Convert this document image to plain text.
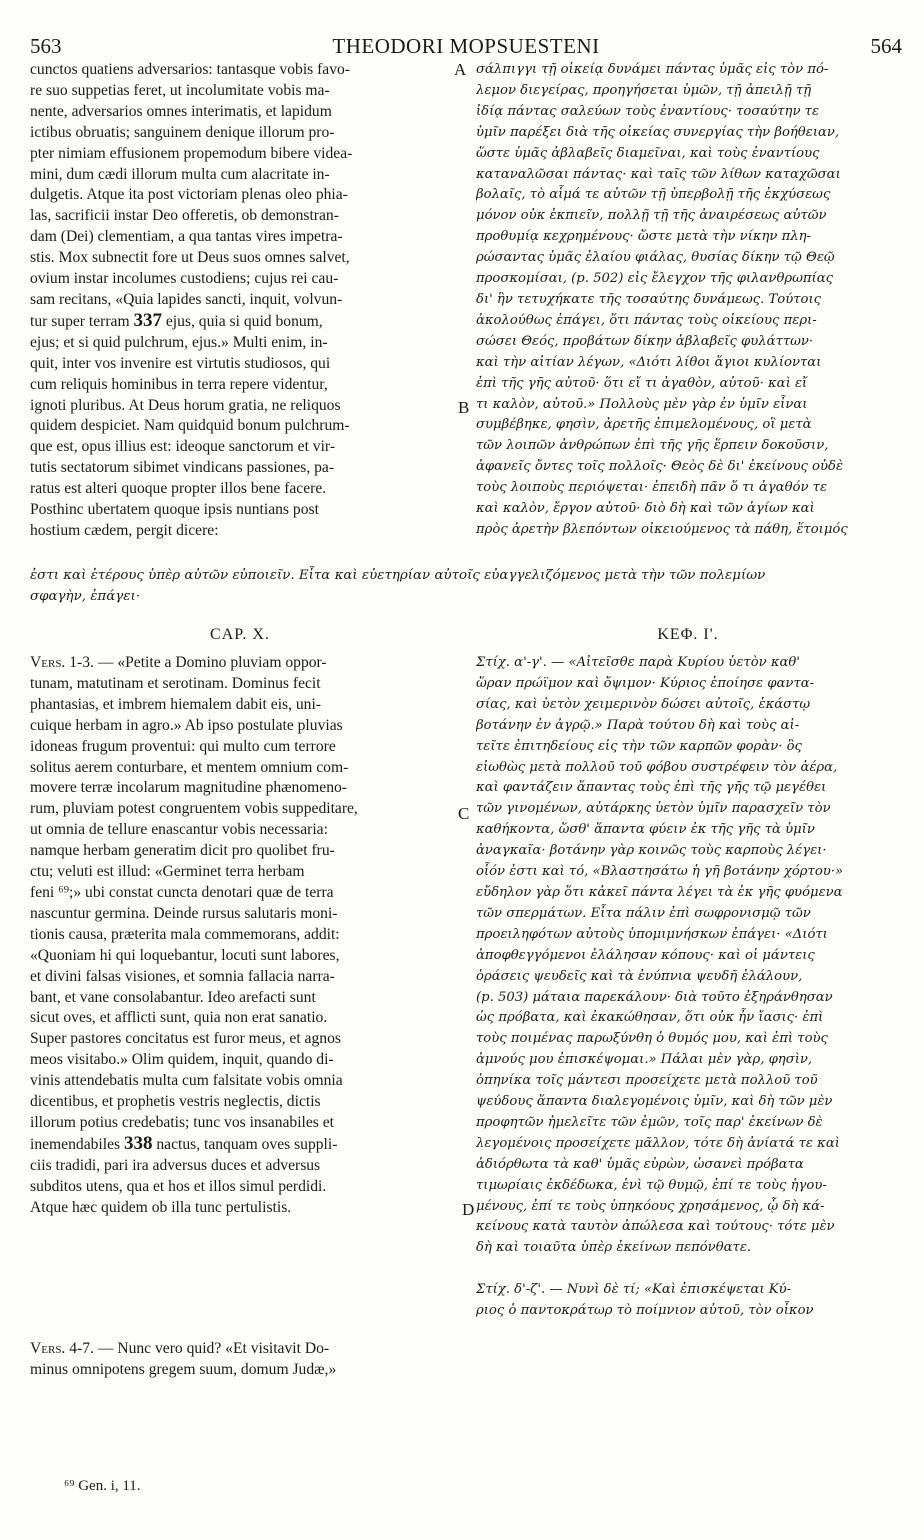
563	THEODORI MOPSUESTENI	564
A
B
C
D
cunctos quatiens adversarios: tantasque vobis favo-
re suo suppetias feret, ut incolumitate vobis ma-
nente, adversarios omnes interimatis, et lapidum
ictibus obruatis; sanguinem denique illorum pro-
pter nimiam effusionem propemodum bibere videa-
mini, dum cædi illorum multa cum alacritate in-
dulgetis. Atque ita post victoriam plenas oleo phia-
las, sacrificii instar Deo offeretis, ob demonstran-
dam (Dei) clementiam, a qua tantas vires impetra-
stis. Mox subnectit fore ut Deus suos omnes salvet,
ovium instar incolumes custodiens; cujus rei cau-
sam recitans, «Quia lapides sancti, inquit, volvun-
tur super terram 337 ejus, quia si quid bonum,
ejus; et si quid pulchrum, ejus.» Multi enim, in-
quit, inter vos invenire est virtutis studiosos, qui
cum reliquis hominibus in terra repere videntur,
ignoti pluribus. At Deus horum gratia, ne reliquos
quidem despiciet. Nam quidquid bonum pulchrum-
que est, opus illius est: ideoque sanctorum et vir-
tutis sectatorum sibimet vindicans passiones, pa-
ratus est alteri quoque propter illos bene facere.
Posthinc ubertatem quoque ipsis nuntians post
hostium cædem, pergit dicere:
σάλπιγγι τῇ οἰκείᾳ δυνάμει πάντας ὑμᾶς εἰς τὸν πό-
λεμον διεγείρας, προηγήσεται ὑμῶν, τῇ ἀπειλῇ τῇ
ἰδίᾳ πάντας σαλεύων τοὺς ἐναντίους· τοσαύτην τε
ὑμῖν παρέξει διὰ τῆς οἰκείας συνεργίας τὴν βοήθειαν,
ὥστε ὑμᾶς ἀβλαβεῖς διαμεῖναι, καὶ τοὺς ἐναντίους
καταναλῶσαι πάντας· καὶ ταῖς τῶν λίθων καταχῶσαι
βολαῖς, τὸ αἷμά τε αὐτῶν τῇ ὑπερβολῇ τῆς ἐκχύσεως
μόνον οὐκ ἐκπιεῖν, πολλῇ τῇ τῆς ἀναιρέσεως αὐτῶν
προθυμίᾳ κεχρημένους· ὥστε μετὰ τὴν νίκην πλη-
ρώσαντας ὑμᾶς ἐλαίου φιάλας, θυσίας δίκην τῷ Θεῷ
προσκομίσαι, (p. 502) εἰς ἔλεγχον τῆς φιλανθρωπίας
δι' ἣν τετυχήκατε τῆς τοσαύτης δυνάμεως. Τούτοις
ἀκολούθως ἐπάγει, ὅτι πάντας τοὺς οἰκείους περι-
σώσει Θεός, προβάτων δίκην ἀβλαβεῖς φυλάττων·
καὶ τὴν αἰτίαν λέγων, «Διότι λίθοι ἅγιοι κυλίονται
ἐπὶ τῆς γῆς αὐτοῦ· ὅτι εἴ τι ἀγαθὸν, αὐτοῦ· καὶ εἴ
τι καλὸν, αὐτοῦ.» Πολλοὺς μὲν γὰρ ἐν ὑμῖν εἶναι
συμβέβηκε, φησὶν, ἀρετῆς ἐπιμελομένους, οἳ μετὰ
τῶν λοιπῶν ἀνθρώπων ἐπὶ τῆς γῆς ἕρπειν δοκοῦσιν,
ἀφανεῖς ὄντες τοῖς πολλοῖς· Θεὸς δὲ δι' ἐκείνους οὐδὲ
τοὺς λοιποὺς περιόψεται· ἐπειδὴ πᾶν ὅ τι ἀγαθόν τε
καὶ καλὸν, ἔργον αὐτοῦ· διὸ δὴ καὶ τῶν ἁγίων καὶ
πρὸς ἀρετὴν βλεπόντων οἰκειούμενος τὰ πάθη, ἕτοιμός
ἐστι καὶ ἑτέρους ὑπὲρ αὐτῶν εὐποιεῖν. Εἶτα καὶ εὐετηρίαν αὐτοῖς εὐαγγελιζόμενος μετὰ τὴν τῶν πολεμίων
σφαγὴν, ἐπάγει·
CAP. X.	ΚΕΦ. Ι'.
Vers. 1-3. — «Petite a Domino pluviam oppor-
tunam, matutinam et serotinam. Dominus fecit
phantasias, et imbrem hiemalem dabit eis, uni-
cuique herbam in agro.» Ab ipso postulate pluvias
idoneas frugum proventui: qui multo cum terrore
solitus aerem conturbare, et mentem omnium com-
movere terræ incolarum magnitudine phænomeno-
rum, pluviam potest congruentem vobis suppeditare,
ut omnia de tellure enascantur vobis necessaria:
namque herbam generatim dicit pro quolibet fru-
ctu; veluti est illud: «Germinet terra herbam
feni ⁶⁹;» ubi constat cuncta denotari quæ de terra
nascuntur germina. Deinde rursus salutaris moni-
tionis causa, præterita mala commemorans, addit:
«Quoniam hi qui loquebantur, locuti sunt labores,
et divini falsas visiones, et somnia fallacia narra-
bant, et vane consolabantur. Ideo arefacti sunt
sicut oves, et afflicti sunt, quia non erat sanatio.
Super pastores concitatus est furor meus, et agnos
meos visitabo.» Olim quidem, inquit, quando di-
vinis attendebatis multa cum falsitate vobis omnia
dicentibus, et prophetis vestris neglectis, dictis
illorum potius credebatis; tunc vos insanabiles et
inemendabiles 338 nactus, tanquam oves suppli-
ciis tradidi, pari ira adversus duces et adversus
subditos utens, qua et hos et illos simul perdidi.
Atque hæc quidem ob illa tunc pertulistis.
Στίχ. α'-γ'. — «Αἰτεῖσθε παρὰ Κυρίου ὑετὸν καθ'
ὥραν πρώϊμον καὶ ὄψιμον· Κύριος ἐποίησε φαντα-
σίας, καὶ ὑετὸν χειμερινὸν δώσει αὐτοῖς, ἑκάστῳ
βοτάνην ἐν ἀγρῷ.» Παρὰ τούτου δὴ καὶ τοὺς αἰ-
τεῖτε ἐπιτηδείους εἰς τὴν τῶν καρπῶν φορὰν· ὃς
εἰωθὼς μετὰ πολλοῦ τοῦ φόβου συστρέφειν τὸν ἀέρα,
καὶ φαντάζειν ἅπαντας τοὺς ἐπὶ τῆς γῆς τῷ μεγέθει
τῶν γινομένων, αὐτάρκης ὑετὸν ὑμῖν παρασχεῖν τὸν
καθήκοντα, ὥσθ' ἅπαντα φύειν ἐκ τῆς γῆς τὰ ὑμῖν
ἀναγκαῖα· βοτάνην γὰρ κοινῶς τοὺς καρποὺς λέγει·
οἷόν ἐστι καὶ τό, «Βλαστησάτω ἡ γῆ βοτάνην χόρτου·»
εὔδηλον γὰρ ὅτι κἀκεῖ πάντα λέγει τὰ ἐκ γῆς φυόμενα
τῶν σπερμάτων. Εἶτα πάλιν ἐπὶ σωφρονισμῷ τῶν
προειληφότων αὐτοὺς ὑπομιμνήσκων ἐπάγει· «Διότι
ἀποφθεγγόμενοι ἐλάλησαν κόπους· καὶ οἱ μάντεις
ὁράσεις ψευδεῖς καὶ τὰ ἐνύπνια ψευδῆ ἐλάλουν,
(p. 503) μάταια παρεκάλουν· διὰ τοῦτο ἐξηράνθησαν
ὡς πρόβατα, καὶ ἐκακώθησαν, ὅτι οὐκ ἦν ἴασις· ἐπὶ
τοὺς ποιμένας παρωξύνθη ὁ θυμός μου, καὶ ἐπὶ τοὺς
ἀμνούς μου ἐπισκέψομαι.» Πάλαι μὲν γὰρ, φησὶν,
ὁπηνίκα τοῖς μάντεσι προσείχετε μετὰ πολλοῦ τοῦ
ψεύδους ἅπαντα διαλεγομένοις ὑμῖν, καὶ δὴ τῶν μὲν
προφητῶν ἠμελεῖτε τῶν ἐμῶν, τοῖς παρ' ἐκείνων δὲ
λεγομένοις προσείχετε μᾶλλον, τότε δὴ ἀνίατά τε καὶ
ἀδιόρθωτα τὰ καθ' ὑμᾶς εὑρὼν, ὡσανεὶ πρόβατα
τιμωρίαις ἐκδέδωκα, ἑνὶ τῷ θυμῷ, ἐπί τε τοὺς ἡγου-
μένους, ἐπί τε τοὺς ὑπηκόους χρησάμενος, ᾧ δὴ κά-
κείνους κατὰ ταυτὸν ἀπώλεσα καὶ τούτους· τότε μὲν
δὴ καὶ τοιαῦτα ὑπὲρ ἐκείνων πεπόνθατε.

Στίχ. δ'-ζ'. — Νυνὶ δὲ τί; «Καὶ ἐπισκέψεται Κύ-
ριος ὁ παντοκράτωρ τὸ ποίμνιον αὐτοῦ, τὸν οἶκον
Vers. 4-7. — Nunc vero quid? «Et visitavit Do-
minus omnipotens gregem suum, domum Judæ,»
⁶⁹ Gen. i, 11.
